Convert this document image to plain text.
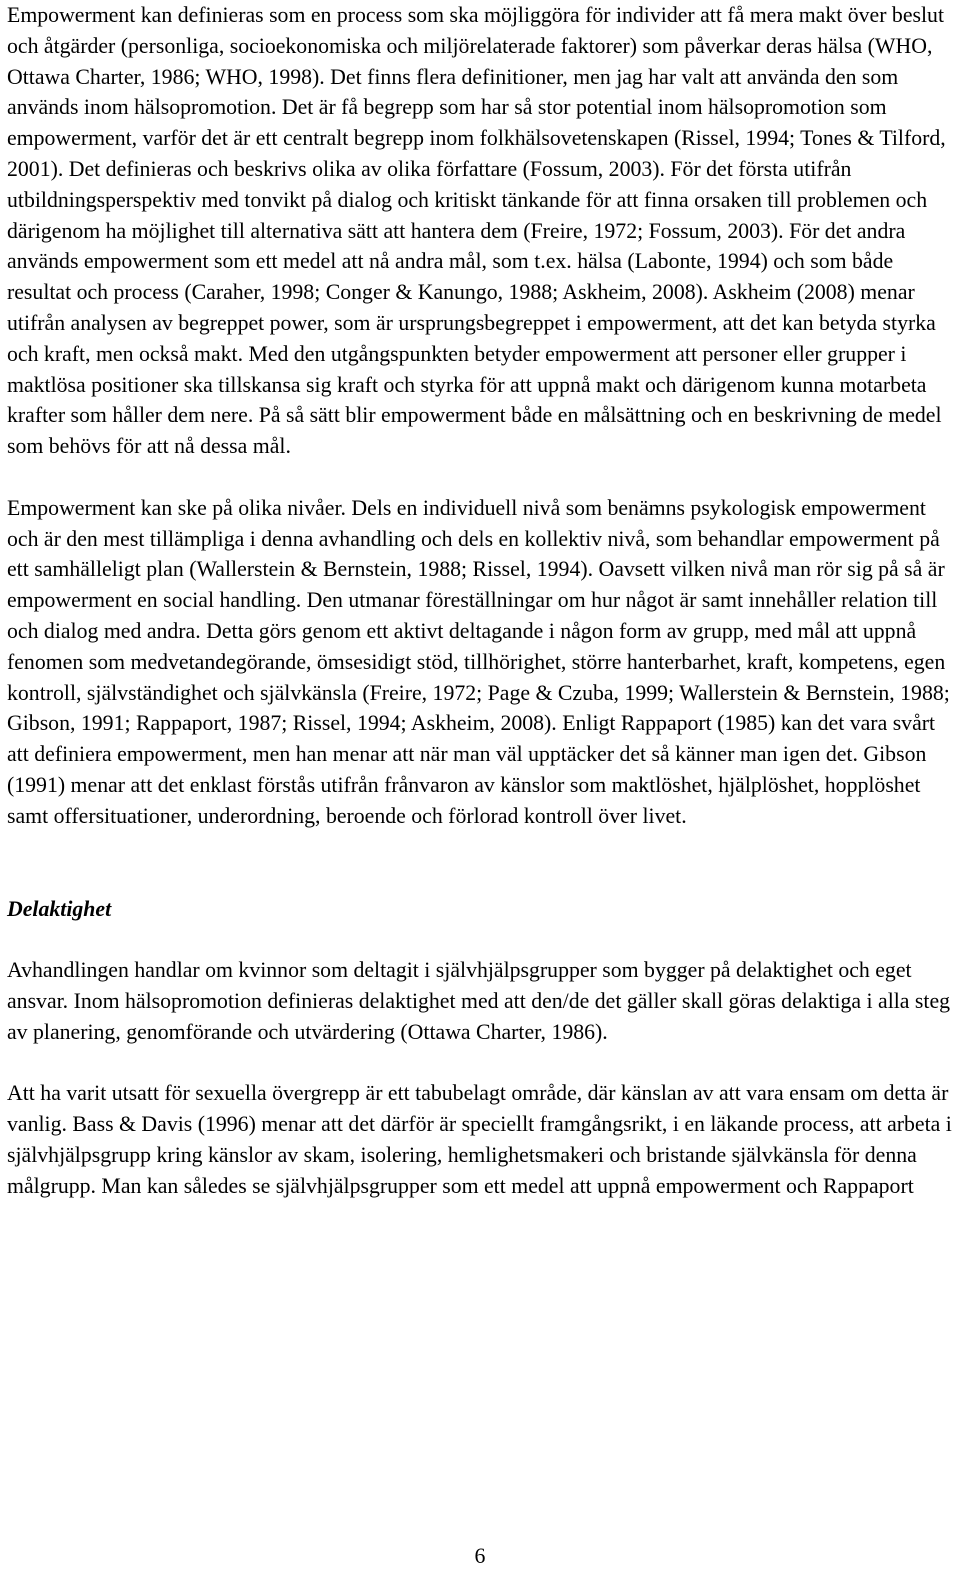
Empowerment kan definieras som en process som ska möjliggöra för individer att få mera makt över beslut och åtgärder (personliga, socioekonomiska och miljörelaterade faktorer) som påverkar deras hälsa (WHO, Ottawa Charter, 1986; WHO, 1998). Det finns flera definitioner, men jag har valt att använda den som används inom hälsopromotion. Det är få begrepp som har så stor potential inom hälsopromotion som empowerment, varför det är ett centralt begrepp inom folkhälsovetenskapen (Rissel, 1994; Tones & Tilford, 2001). Det definieras och beskrivs olika av olika författare (Fossum, 2003). För det första utifrån utbildningsperspektiv med tonvikt på dialog och kritiskt tänkande för att finna orsaken till problemen och därigenom ha möjlighet till alternativa sätt att hantera dem (Freire, 1972; Fossum, 2003). För det andra används empowerment som ett medel att nå andra mål, som t.ex. hälsa (Labonte, 1994) och som både resultat och process (Caraher, 1998; Conger & Kanungo, 1988; Askheim, 2008). Askheim (2008) menar utifrån analysen av begreppet power, som är ursprungsbegreppet i empowerment, att det kan betyda styrka och kraft, men också makt. Med den utgångspunkten betyder empowerment att personer eller grupper i maktlösa positioner ska tillskansa sig kraft och styrka för att uppnå makt och därigenom kunna motarbeta krafter som håller dem nere. På så sätt blir empowerment både en målsättning och en beskrivning de medel som behövs för att nå dessa mål.

Empowerment kan ske på olika nivåer. Dels en individuell nivå som benämns psykologisk empowerment och är den mest tillämpliga i denna avhandling och dels en kollektiv nivå, som behandlar empowerment på ett samhälleligt plan (Wallerstein & Bernstein, 1988; Rissel, 1994). Oavsett vilken nivå man rör sig på så är empowerment en social handling. Den utmanar föreställningar om hur något är samt innehåller relation till och dialog med andra. Detta görs genom ett aktivt deltagande i någon form av grupp, med mål att uppnå fenomen som medvetandegörande, ömsesidigt stöd, tillhörighet, större hanterbarhet, kraft, kompetens, egen kontroll, självständighet och självkänsla (Freire, 1972; Page & Czuba, 1999; Wallerstein & Bernstein, 1988; Gibson, 1991; Rappaport, 1987; Rissel, 1994; Askheim, 2008). Enligt Rappaport (1985) kan det vara svårt att definiera empowerment, men han menar att när man väl upptäcker det så känner man igen det. Gibson (1991) menar att det enklast förstås utifrån frånvaron av känslor som maktlöshet, hjälplöshet, hopplöshet samt offersituationer, underordning, beroende och förlorad kontroll över livet.

Delaktighet

Avhandlingen handlar om kvinnor som deltagit i självhjälpsgrupper som bygger på delaktighet och eget ansvar. Inom hälsopromotion definieras delaktighet med att den/de det gäller skall göras delaktiga i alla steg av planering, genomförande och utvärdering (Ottawa Charter, 1986).

Att ha varit utsatt för sexuella övergrepp är ett tabubelagt område, där känslan av att vara ensam om detta är vanlig. Bass & Davis (1996) menar att det därför är speciellt framgångsrikt, i en läkande process, att arbeta i självhjälpsgrupp kring känslor av skam, isolering, hemlighetsmakeri och bristande självkänsla för denna målgrupp. Man kan således se självhjälpsgrupper som ett medel att uppnå empowerment och Rappaport

6
